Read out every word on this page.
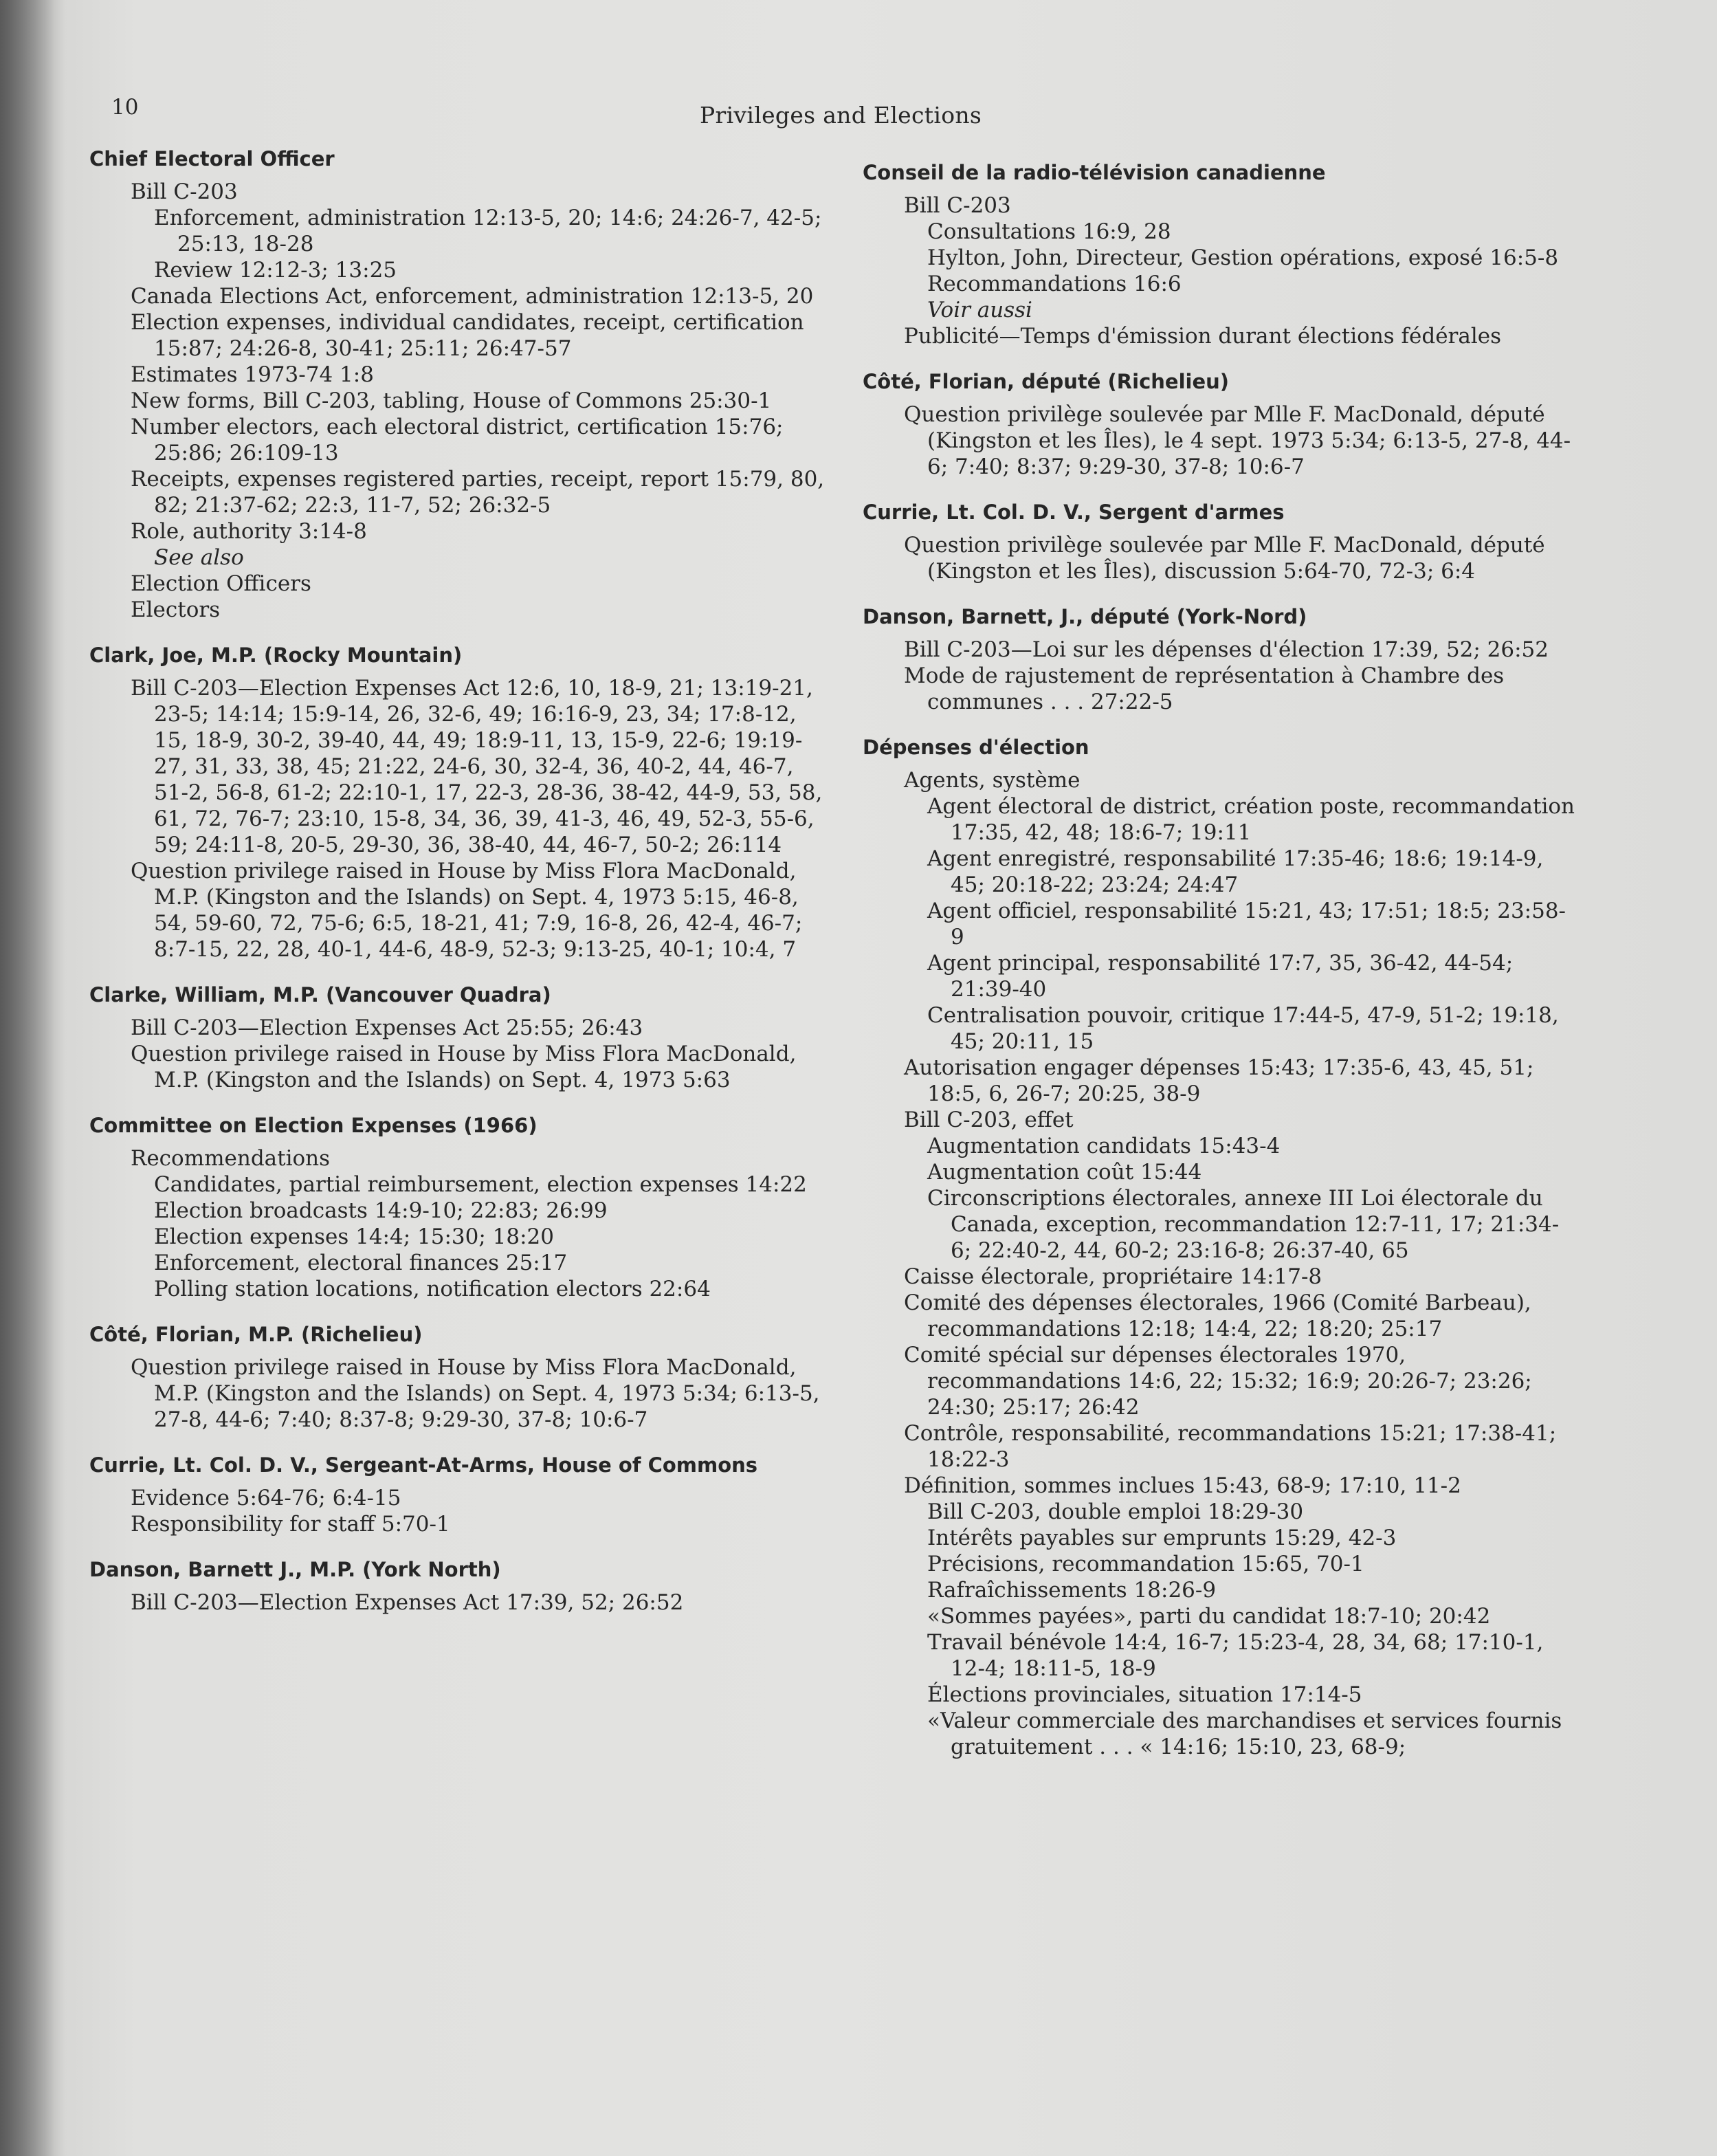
10	Privileges and Elections
Chief Electoral Officer
Bill C-203
Enforcement, administration 12:13-5, 20; 14:6; 24:26-7, 42-5; 25:13, 18-28
Review 12:12-3; 13:25
Canada Elections Act, enforcement, administration 12:13-5, 20
Election expenses, individual candidates, receipt, certification 15:87; 24:26-8, 30-41; 25:11; 26:47-57
Estimates 1973-74 1:8
New forms, Bill C-203, tabling, House of Commons 25:30-1
Number electors, each electoral district, certification 15:76; 25:86; 26:109-13
Receipts, expenses registered parties, receipt, report 15:79, 80, 82; 21:37-62; 22:3, 11-7, 52; 26:32-5
Role, authority 3:14-8
See also
Election Officers
Electors
Clark, Joe, M.P. (Rocky Mountain)
Bill C-203—Election Expenses Act 12:6, 10, 18-9, 21; 13:19-21, 23-5; 14:14; 15:9-14, 26, 32-6, 49; 16:16-9, 23, 34; 17:8-12, 15, 18-9, 30-2, 39-40, 44, 49; 18:9-11, 13, 15-9, 22-6; 19:19-27, 31, 33, 38, 45; 21:22, 24-6, 30, 32-4, 36, 40-2, 44, 46-7, 51-2, 56-8, 61-2; 22:10-1, 17, 22-3, 28-36, 38-42, 44-9, 53, 58, 61, 72, 76-7; 23:10, 15-8, 34, 36, 39, 41-3, 46, 49, 52-3, 55-6, 59; 24:11-8, 20-5, 29-30, 36, 38-40, 44, 46-7, 50-2; 26:114
Question privilege raised in House by Miss Flora MacDonald, M.P. (Kingston and the Islands) on Sept. 4, 1973 5:15, 46-8, 54, 59-60, 72, 75-6; 6:5, 18-21, 41; 7:9, 16-8, 26, 42-4, 46-7; 8:7-15, 22, 28, 40-1, 44-6, 48-9, 52-3; 9:13-25, 40-1; 10:4, 7
Clarke, William, M.P. (Vancouver Quadra)
Bill C-203—Election Expenses Act 25:55; 26:43
Question privilege raised in House by Miss Flora MacDonald, M.P. (Kingston and the Islands) on Sept. 4, 1973 5:63
Committee on Election Expenses (1966)
Recommendations
Candidates, partial reimbursement, election expenses 14:22
Election broadcasts 14:9-10; 22:83; 26:99
Election expenses 14:4; 15:30; 18:20
Enforcement, electoral finances 25:17
Polling station locations, notification electors 22:64
Côté, Florian, M.P. (Richelieu)
Question privilege raised in House by Miss Flora MacDonald, M.P. (Kingston and the Islands) on Sept. 4, 1973 5:34; 6:13-5, 27-8, 44-6; 7:40; 8:37-8; 9:29-30, 37-8; 10:6-7
Currie, Lt. Col. D. V., Sergeant-At-Arms, House of Commons
Evidence 5:64-76; 6:4-15
Responsibility for staff 5:70-1
Danson, Barnett J., M.P. (York North)
Bill C-203—Election Expenses Act 17:39, 52; 26:52
Conseil de la radio-télévision canadienne
Bill C-203
Consultations 16:9, 28
Hylton, John, Directeur, Gestion opérations, exposé 16:5-8
Recommandations 16:6
Voir aussi
Publicité—Temps d'émission durant élections fédérales
Côté, Florian, député (Richelieu)
Question privilège soulevée par Mlle F. MacDonald, député (Kingston et les Îles), le 4 sept. 1973 5:34; 6:13-5, 27-8, 44-6; 7:40; 8:37; 9:29-30, 37-8; 10:6-7
Currie, Lt. Col. D. V., Sergent d'armes
Question privilège soulevée par Mlle F. MacDonald, député (Kingston et les Îles), discussion 5:64-70, 72-3; 6:4
Danson, Barnett, J., député (York-Nord)
Bill C-203—Loi sur les dépenses d'élection 17:39, 52; 26:52
Mode de rajustement de représentation à Chambre des communes . . . 27:22-5
Dépenses d'élection
Agents, système
Agent électoral de district, création poste, recommandation 17:35, 42, 48; 18:6-7; 19:11
Agent enregistré, responsabilité 17:35-46; 18:6; 19:14-9, 45; 20:18-22; 23:24; 24:47
Agent officiel, responsabilité 15:21, 43; 17:51; 18:5; 23:58-9
Agent principal, responsabilité 17:7, 35, 36-42, 44-54; 21:39-40
Centralisation pouvoir, critique 17:44-5, 47-9, 51-2; 19:18, 45; 20:11, 15
Autorisation engager dépenses 15:43; 17:35-6, 43, 45, 51; 18:5, 6, 26-7; 20:25, 38-9
Bill C-203, effet
Augmentation candidats 15:43-4
Augmentation coût 15:44
Circonscriptions électorales, annexe III Loi électorale du Canada, exception, recommandation 12:7-11, 17; 21:34-6; 22:40-2, 44, 60-2; 23:16-8; 26:37-40, 65
Caisse électorale, propriétaire 14:17-8
Comité des dépenses électorales, 1966 (Comité Barbeau), recommandations 12:18; 14:4, 22; 18:20; 25:17
Comité spécial sur dépenses électorales 1970, recommandations 14:6, 22; 15:32; 16:9; 20:26-7; 23:26; 24:30; 25:17; 26:42
Contrôle, responsabilité, recommandations 15:21; 17:38-41; 18:22-3
Définition, sommes inclues 15:43, 68-9; 17:10, 11-2
Bill C-203, double emploi 18:29-30
Intérêts payables sur emprunts 15:29, 42-3
Précisions, recommandation 15:65, 70-1
Rafraîchissements 18:26-9
«Sommes payées», parti du candidat 18:7-10; 20:42
Travail bénévole 14:4, 16-7; 15:23-4, 28, 34, 68; 17:10-1, 12-4; 18:11-5, 18-9
Élections provinciales, situation 17:14-5
«Valeur commerciale des marchandises et services fournis gratuitement . . . « 14:16; 15:10, 23, 68-9;
